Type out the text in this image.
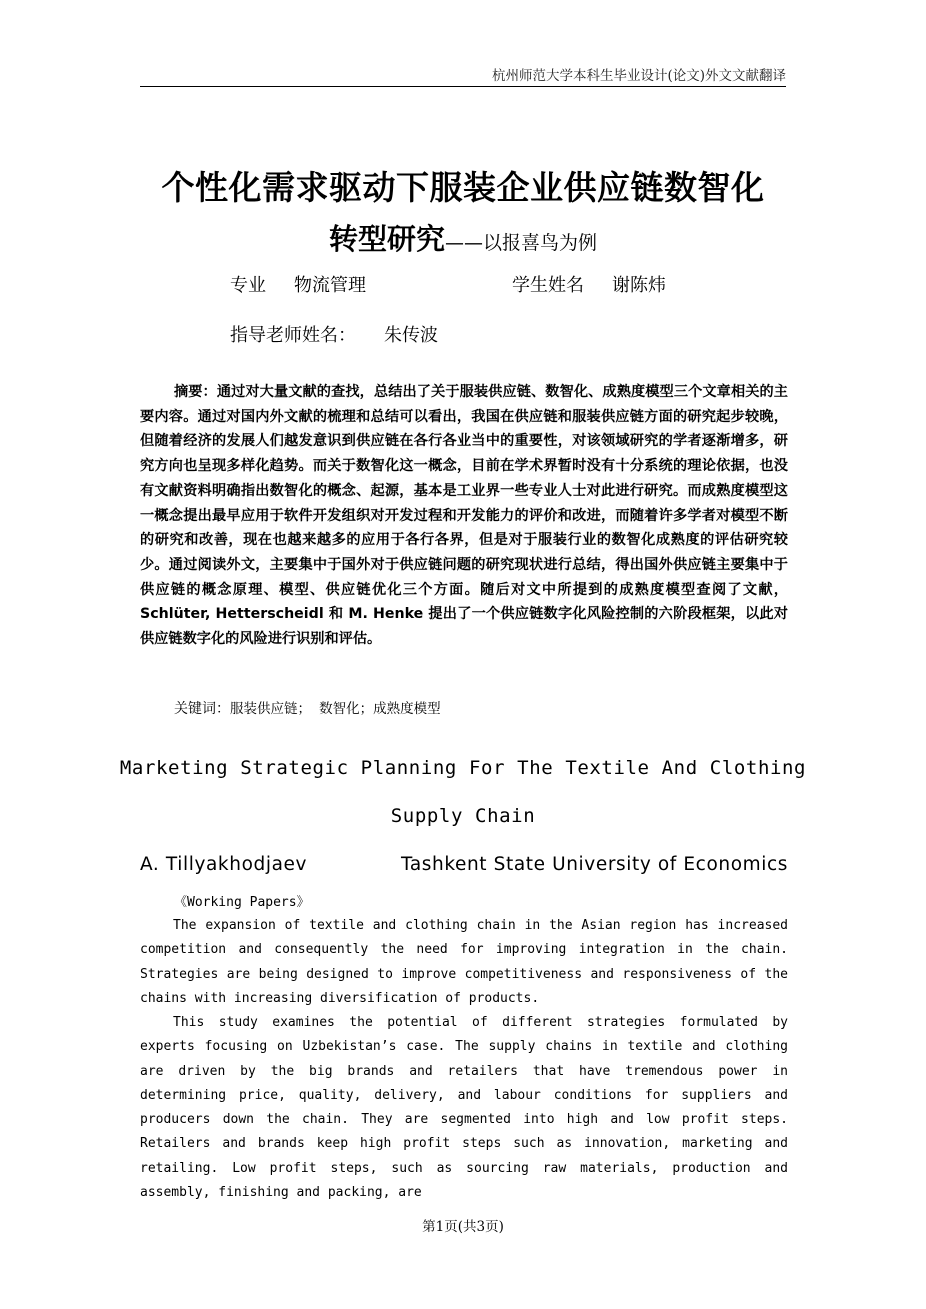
杭州师范大学本科生毕业设计(论文)外文文献翻译
个性化需求驱动下服装企业供应链数智化
转型研究——以报喜鸟为例
专业 物流管理	学生姓名 谢陈炜
指导老师姓名： 朱传波
摘要：通过对大量文献的查找，总结出了关于服装供应链、数智化、成熟度模型三个文章相关的主要内容。通过对国内外文献的梳理和总结可以看出，我国在供应链和服装供应链方面的研究起步较晚，但随着经济的发展人们越发意识到供应链在各行各业当中的重要性，对该领域研究的学者逐渐增多，研究方向也呈现多样化趋势。而关于数智化这一概念，目前在学术界暂时没有十分系统的理论依据，也没有文献资料明确指出数智化的概念、起源，基本是工业界一些专业人士对此进行研究。而成熟度模型这一概念提出最早应用于软件开发组织对开发过程和开发能力的评价和改进，而随着许多学者对模型不断的研究和改善，现在也越来越多的应用于各行各界，但是对于服装行业的数智化成熟度的评估研究较少。通过阅读外文，主要集中于国外对于供应链问题的研究现状进行总结，得出国外供应链主要集中于供应链的概念原理、模型、供应链优化三个方面。随后对文中所提到的成熟度模型查阅了文献，Schlüter, Hetterscheidl 和 M. Henke 提出了一个供应链数字化风险控制的六阶段框架，以此对供应链数字化的风险进行识别和评估。
关键词：服装供应链； 数智化；成熟度模型
Marketing Strategic Planning For The Textile And Clothing
Supply Chain
A. Tillyakhodjaev	Tashkent State University of Economics
《Working Papers》

The expansion of textile and clothing chain in the Asian region has increased competition and consequently the need for improving integration in the chain. Strategies are being designed to improve competitiveness and responsiveness of the chains with increasing diversification of products.

This study examines the potential of different strategies formulated by experts focusing on Uzbekistan’s case. The supply chains in textile and clothing are driven by the big brands and retailers that have tremendous power in determining price, quality, delivery, and labour conditions for suppliers and producers down the chain. They are segmented into high and low profit steps. Retailers and brands keep high profit steps such as innovation, marketing and retailing. Low profit steps, such as sourcing raw materials, production and assembly, finishing and packing, are

第1页(共3页)
